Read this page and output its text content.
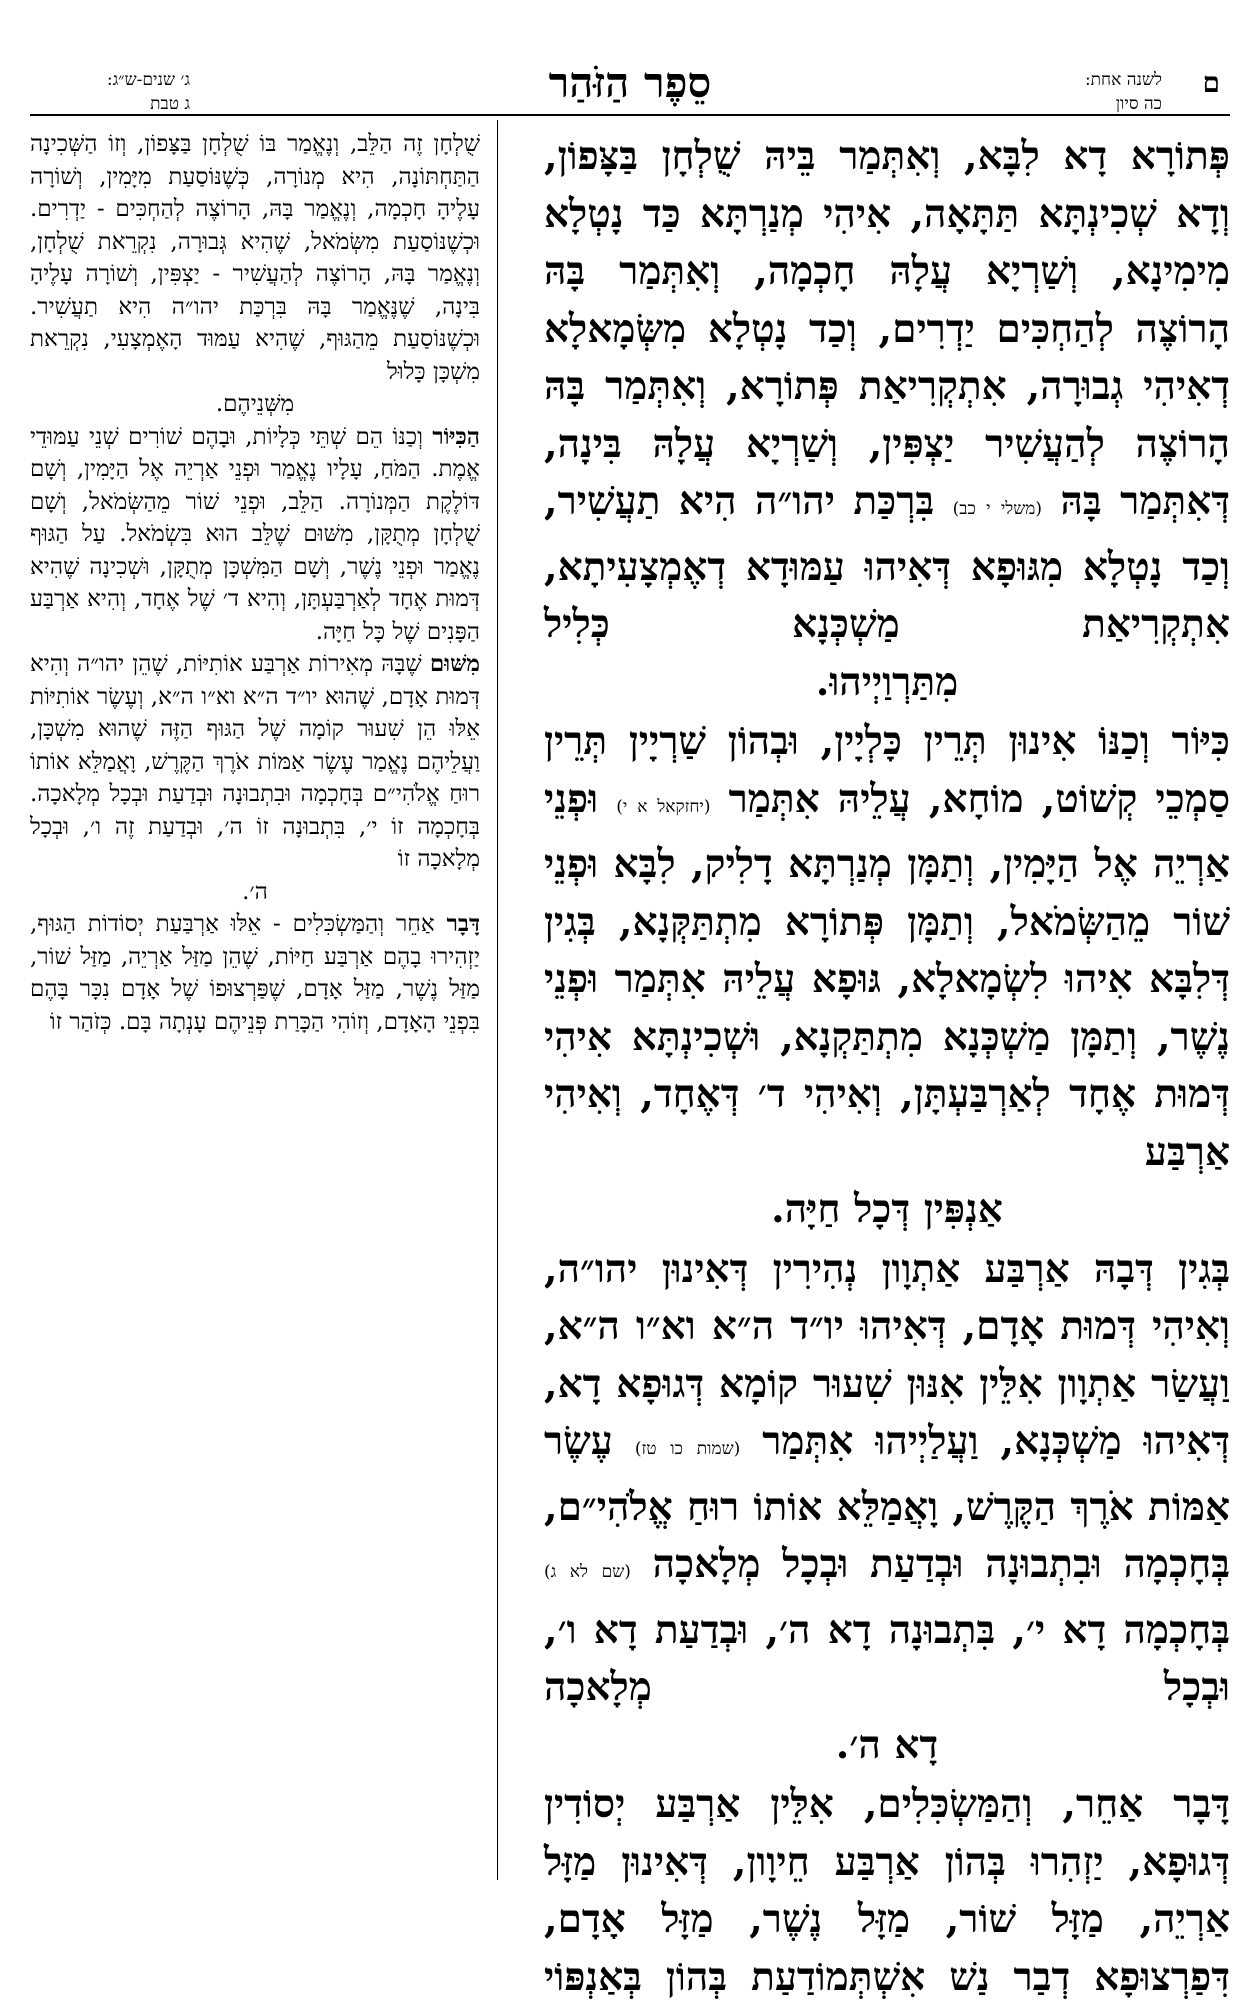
ם
לשנה אחת:
כה סיון
סֵפֶר הַזֹּהַר
ג׳ שנים-ש״ג:
ג טבת

פְּתוֹרָא דָא לִבָּא, וְאִתְּמַר בֵּיהּ שֻׁלְחָן בַּצָּפוֹן, וְדָא שְׁכִינְתָּא תַּתָּאָה, אִיהִי מְנַרְתָּא כַּד נָטְלָא מִימִינָא, וְשַׁרְיָא עֲלָהּ חָכְמָה, וְאִתְּמַר בָּהּ הָרוֹצֶה לְהַחְכִּים יַדְרִים, וְכַד נָטְלָא מִשְּׂמָאלָא דְאִיהִי גְבוּרָה, אִתְקְרִיאַת פְּתוֹרָא, וְאִתְּמַר בָּהּ הָרוֹצֶה לְהַעֲשִׁיר יַצְפִּין, וְשַׁרְיָא עֲלָהּ בִּינָה, דְּאִתְּמַר בָּהּ (משלי י כב) בִּרְכַּת יהו״ה הִיא תַעֲשִׁיר, וְכַד נָטְלָא מִגּוּפָא דְּאִיהוּ עַמּוּדָא דְאֶמְצָעִיתָא, אִתְקְרִיאַת מַשְׁכְּנָא כְּלִיל
מִתַּרְוַיְיהוּ.

כִּיּוֹר וְכַנּוֹ אִינוּן תְּרֵין כָּלְיָין, וּבְהוֹן שַׁרְיָין תְּרֵין סַמְכֵי קְשׁוֹט, מוֹחָא, עֲלֵיהּ אִתְּמַר (יחזקאל א י) וּפְנֵי אַרְיֵה אֶל הַיָּמִין, וְתַמָּן מְנַרְתָּא דָלִיק, לִבָּא וּפְנֵי שׁוֹר מֵהַשְּׂמֹאל, וְתַמָּן פְּתוֹרָא מִתְתַּקְּנָא, בְּגִין דְּלִבָּא אִיהוּ לִשְׂמָאלָא, גּוּפָא עֲלֵיהּ אִתְּמַר וּפְנֵי נֶשֶׁר, וְתַמָּן מַשְׁכְּנָא מִתְתַּקְנָא, וּשְׁכִינְתָּא אִיהִי דְּמוּת אֶחָד לְאַרְבַּעְתָּן, וְאִיהִי ד׳ דְּאֶחָד, וְאִיהִי אַרְבַּע
אַנְפִּין דְּכָל חַיָּה.

בְּגִין דְּבָהּ אַרְבַּע אַתְוָון נְהִירִין דְּאִינוּן יהו״ה, וְאִיהִי דְּמוּת אָדָם, דְּאִיהוּ יו״ד ה״א וא״ו ה״א, וַעֲשַׂר אַתְוָון אִלֵּין אִנּוּן שִׁעוּר קוֹמָא דְּגוּפָא דָא, דְּאִיהוּ מַשְׁכְּנָא, וַעֲלַיְיהוּ אִתְּמַר (שמות כו טז) עֶשֶׂר אַמּוֹת אֹרֶךְ הַקֶּרֶשׁ, וָאֲמַלֵּא אוֹתוֹ רוּחַ אֱלֹהִי״ם, בְּחָכְמָה וּבִתְבוּנָה וּבְדַעַת וּבְכָל מְלָאכָה (שם לא ג) בְּחָכְמָה דָא י׳, בִּתְבוּנָה דָא ה׳, וּבְדַעַת דָא ו׳, וּבְכָל מְלָאכָה
דָא ה׳.

דָּבָר אַחֵר, וְהַמַּשְׂכִּלִים, אִלֵּין אַרְבַּע יְסוֹדִין דְּגוּפָא, יַזְהִרוּ בְּהוֹן אַרְבַּע חֵיוָון, דְּאִינוּן מַזָּל אַרְיֵה, מַזָּל שׁוֹר, מַזָּל נֶשֶׁר, מַזָּל אָדָם, דִּפַרְצוּפָא דְבַר נַשׁ אִשְׁתְּמוֹדַעַת בְּהוֹן בְּאַנְפּוֹי

שֻׁלְחָן זֶה הַלֵּב, וְנֶאֱמַר בּוֹ שֻׁלְחָן בַּצָּפוֹן, וְזוֹ הַשְּׁכִינָה הַתַּחְתּוֹנָה, הִיא מְנוֹרָה, כְּשֶׁנּוֹסַעַת מִיָּמִין, וְשׁוֹרָה עָלֶיהָ חָכְמָה, וְנֶאֱמַר בָּהּ, הָרוֹצֶה לְהַחְכִּים - יַדְרִים. וּכְשֶׁנּוֹסַעַת מִשְּׂמֹאל, שֶׁהִיא גְּבוּרָה, נִקְרֵאת שֻׁלְחָן, וְנֶאֱמַר בָּהּ, הָרוֹצֶה לְהַעֲשִׁיר - יַצְפִּין, וְשׁוֹרָה עָלֶיהָ בִּינָה, שֶׁנֶּאֱמַר בָּהּ בִּרְכַּת יהו״ה הִיא תַעֲשִׁיר. וּכְשֶׁנּוֹסַעַת מֵהַגּוּף, שֶׁהִיא עַמּוּד הָאֶמְצָעִי, נִקְרֵאת מִשְׁכָּן כָּלוּל
מִשְּׁנֵיהֶם.

הַכִּיּוֹר וְכַנּוֹ הֵם שְׁתֵּי כְּלָיוֹת, וּבָהֶם שׁוֹרִים שְׁנֵי עַמּוּדֵי אֱמֶת. הַמֹּחַ, עָלָיו נֶאֱמַר וּפְנֵי אַרְיֵה אֶל הַיָּמִין, וְשָׁם דּוֹלֶקֶת הַמְּנוֹרָה. הַלֵּב, וּפְנֵי שׁוֹר מֵהַשְּׂמֹאל, וְשָׁם שֻׁלְחָן מְתֻקָּן, מִשּׁוּם שֶׁלֵּב הוּא בִּשְׂמֹאל. עַל הַגּוּף נֶאֱמַר וּפְנֵי נֶשֶׁר, וְשָׁם הַמִּשְׁכָּן מְתֻקָּן, וּשְׁכִינָה שֶׁהִיא דְּמוּת אֶחָד לְאַרְבַּעְתָּן, וְהִיא ד׳ שֶׁל אֶחָד, וְהִיא אַרְבַּע הַפָּנִים שֶׁל כָּל חַיָּה.

מִשּׁוּם שֶׁבָּהּ מְאִירוֹת אַרְבַּע אוֹתִיּוֹת, שֶׁהֵן יהו״ה וְהִיא דְּמוּת אָדָם, שֶׁהוּא יו״ד ה״א וא״ו ה״א, וְעֶשֶׂר אוֹתִיּוֹת אֵלּוּ הֵן שִׁעוּר קוֹמָה שֶׁל הַגּוּף הַזֶּה שֶׁהוּא מִשְׁכָּן, וַעֲלֵיהֶם נֶאֱמַר עֶשֶׂר אַמּוֹת אֹרֶךְ הַקֶּרֶשׁ, וָאֲמַלֵּא אוֹתוֹ רוּחַ אֱלֹהִי״ם בְּחָכְמָה וּבִתְבוּנָה וּבְדַעַת וּבְכָל מְלָאכָה. בְּחָכְמָה זוֹ י׳, בִּתְבוּנָה זוֹ ה׳, וּבְדַעַת זֶה ו׳, וּבְכָל מְלָאכָה זוֹ
ה׳.

דָּבָר אַחֵר וְהַמַּשְׂכִּלִים - אֵלּוּ אַרְבַּעַת יְסוֹדוֹת הַגּוּף, יַזְהִירוּ בָהֶם אַרְבַּע חַיּוֹת, שֶׁהֵן מַזַּל אַרְיֵה, מַזַּל שׁוֹר, מַזַּל נֶשֶׁר, מַזַּל אָדָם, שֶׁפַּרְצוּפוֹ שֶׁל אָדָם נִכָּר בָּהֶם בִּפְנֵי הָאָדָם, וְזוֹהִי הַכָּרַת פְּנֵיהֶם עָנְתָה בָּם. כְּזֹהַר זוֹ
